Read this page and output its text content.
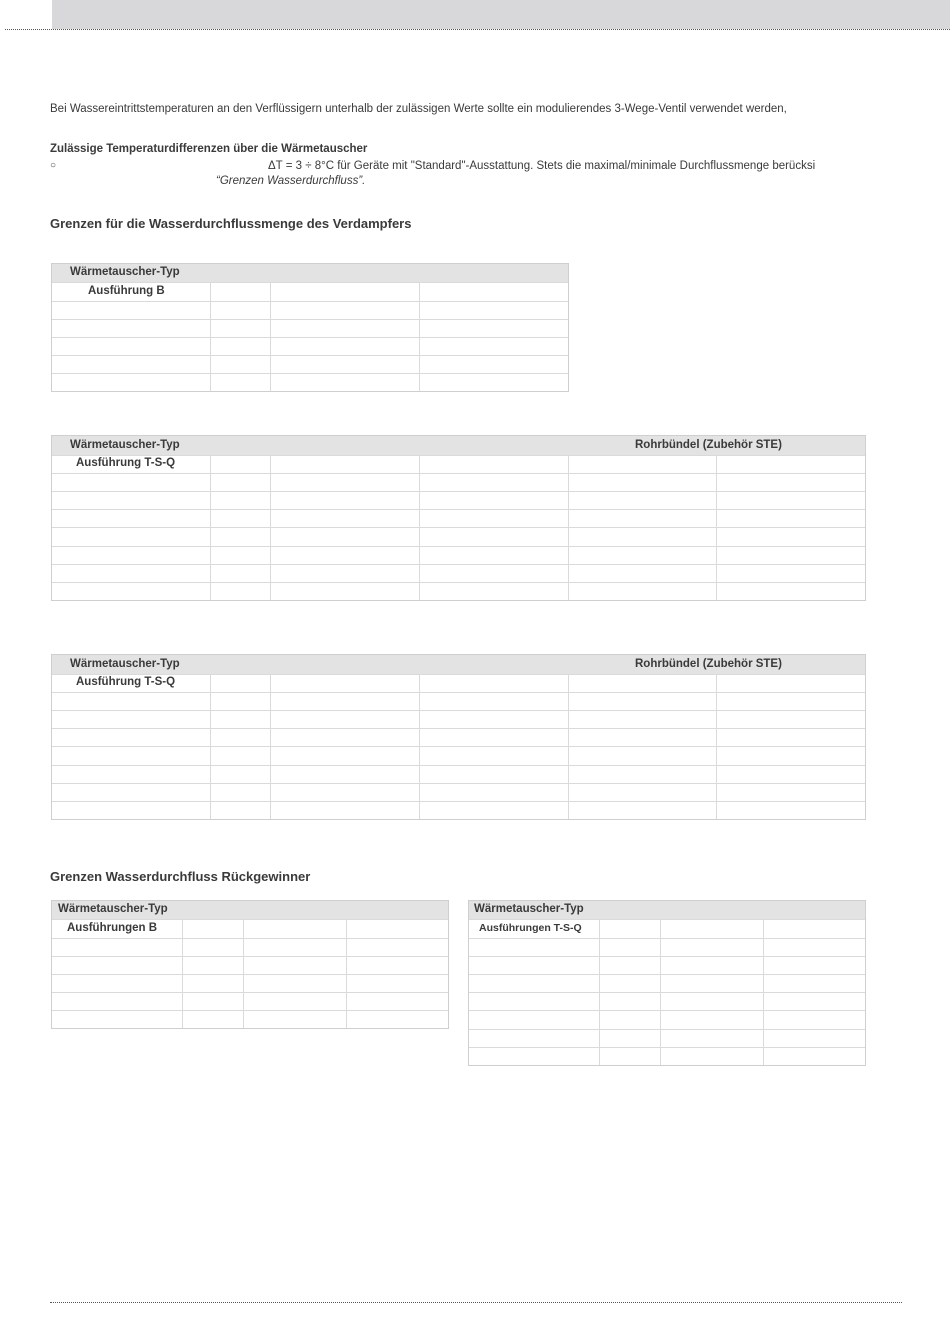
Bei Wassereintrittstemperaturen an den Verflüssigern unterhalb der zulässigen Werte sollte ein modulierendes 3-Wege-Ventil verwendet werden,
Zulässige Temperaturdifferenzen über die Wärmetauscher
○	ΔT = 3 ÷ 8°C für Geräte mit "Standard"-Ausstattung. Stets die maximal/minimale Durchflussmenge berücksi
“Grenzen Wasserdurchfluss”.
Grenzen für die Wasserdurchflussmenge des Verdampfers
Wärmetauscher-Typ
Ausführung B
Wärmetauscher-Typ	Rohrbündel (Zubehör STE)
Ausführung T-S-Q
Wärmetauscher-Typ	Rohrbündel (Zubehör STE)
Ausführung T-S-Q
Grenzen Wasserdurchfluss Rückgewinner
Wärmetauscher-Typ
Ausführungen B
Wärmetauscher-Typ
Ausführungen T-S-Q
